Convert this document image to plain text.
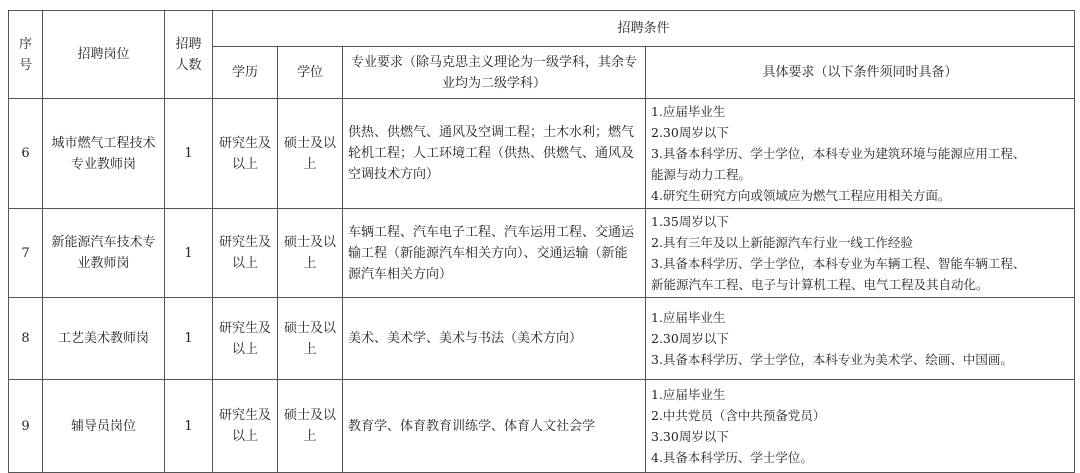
序号	招聘岗位	招聘人数	招聘条件			
			学历	学位	专业要求（除马克思主义理论为一级学科，其余专业均为二级学科）	具体要求（以下条件须同时具备）
6	城市燃气工程技术专业教师岗	1	研究生及以上	硕士及以上	供热、供燃气、通风及空调工程；土木水利；燃气轮机工程；人工环境工程（供热、供燃气、通风及空调技术方向）	1.应届毕业生
2.30周岁以下
3.具备本科学历、学士学位，本科专业为建筑环境与能源应用工程、
能源与动力工程。
4.研究生研究方向或领域应为燃气工程应用相关方面。

7	新能源汽车技术专业教师岗	1	研究生及以上	硕士及以上	车辆工程、汽车电子工程、汽车运用工程、交通运输工程（新能源汽车相关方向）、交通运输（新能源汽车相关方向）	1.35周岁以下
2.具有三年及以上新能源汽车行业一线工作经验
3.具备本科学历、学士学位，本科专业为车辆工程、智能车辆工程、
新能源汽车工程、电子与计算机工程、电气工程及其自动化。

8	工艺美术教师岗	1	研究生及以上	硕士及以上	美术、美术学、美术与书法（美术方向）	1.应届毕业生
2.30周岁以下
3.具备本科学历、学士学位，本科专业为美术学、绘画、中国画。

9	辅导员岗位	1	研究生及以上	硕士及以上	教育学、体育教育训练学、体育人文社会学	1.应届毕业生
2.中共党员（含中共预备党员）
3.30周岁以下
4.具备本科学历、学士学位。
